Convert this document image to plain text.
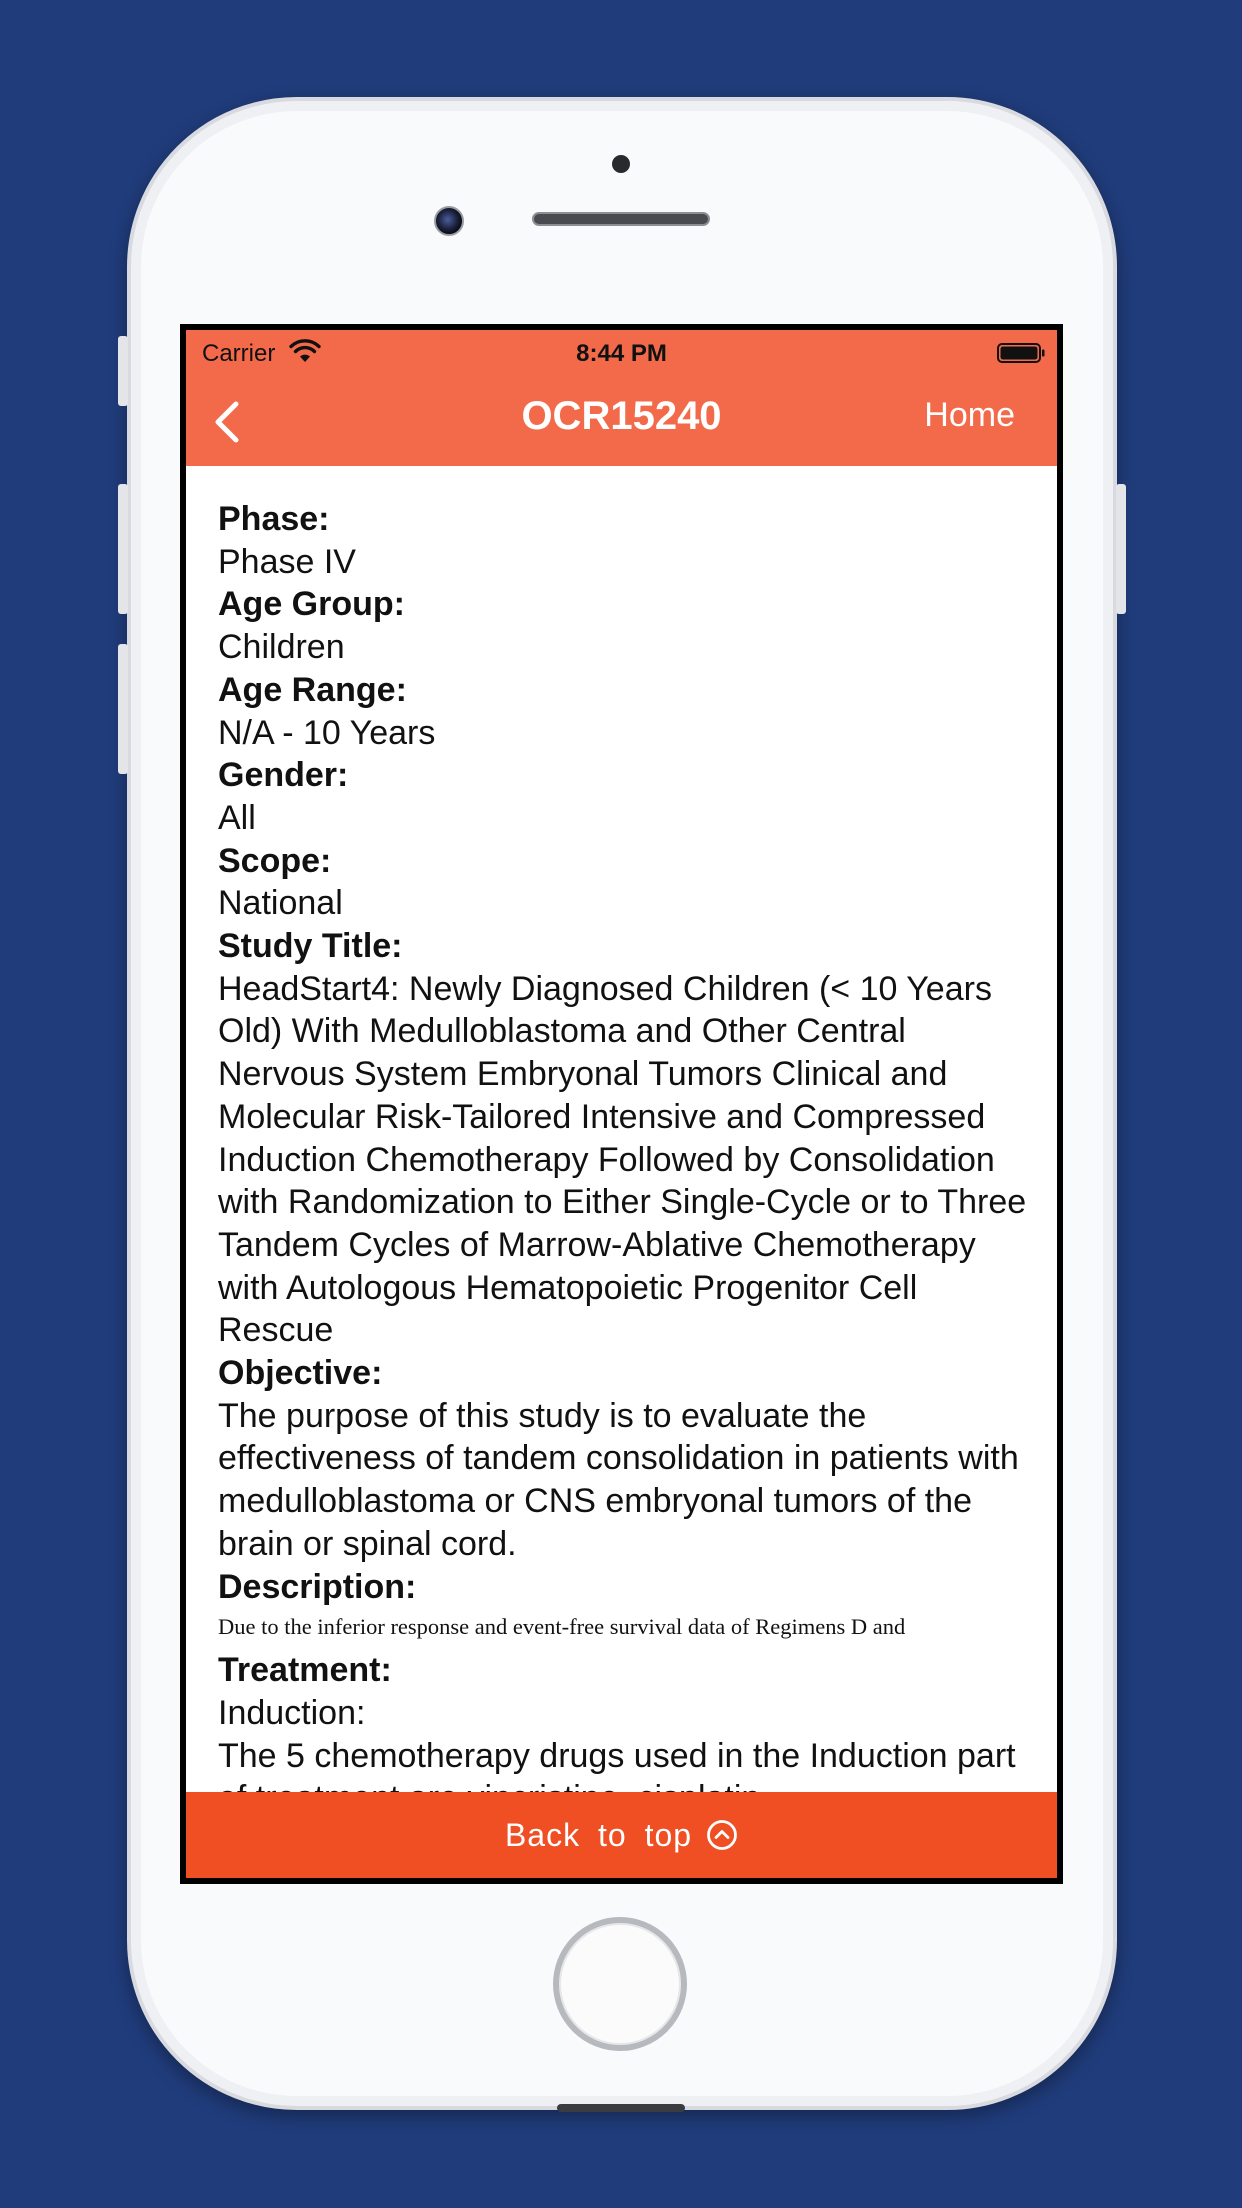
Carrier	8:44 PM
OCR15240	Home
Phase:
Phase IV
Age Group:
Children
Age Range:
N/A - 10 Years
Gender:
All
Scope:
National
Study Title:
HeadStart4: Newly Diagnosed Children (< 10 Years Old) With Medulloblastoma and Other Central Nervous System Embryonal Tumors Clinical and Molecular Risk-Tailored Intensive and Compressed Induction Chemotherapy Followed by Consolidation with Randomization to Either Single-Cycle or to Three Tandem Cycles of Marrow-Ablative Chemotherapy with Autologous Hematopoietic Progenitor Cell Rescue
Objective:
The purpose of this study is to evaluate the effectiveness of tandem consolidation in patients with medulloblastoma or CNS embryonal tumors of the brain or spinal cord.
Description:
Due to the inferior response and event-free survival data of Regimens D and
Treatment:
Induction:
The 5 chemotherapy drugs used in the Induction part
Back to top
